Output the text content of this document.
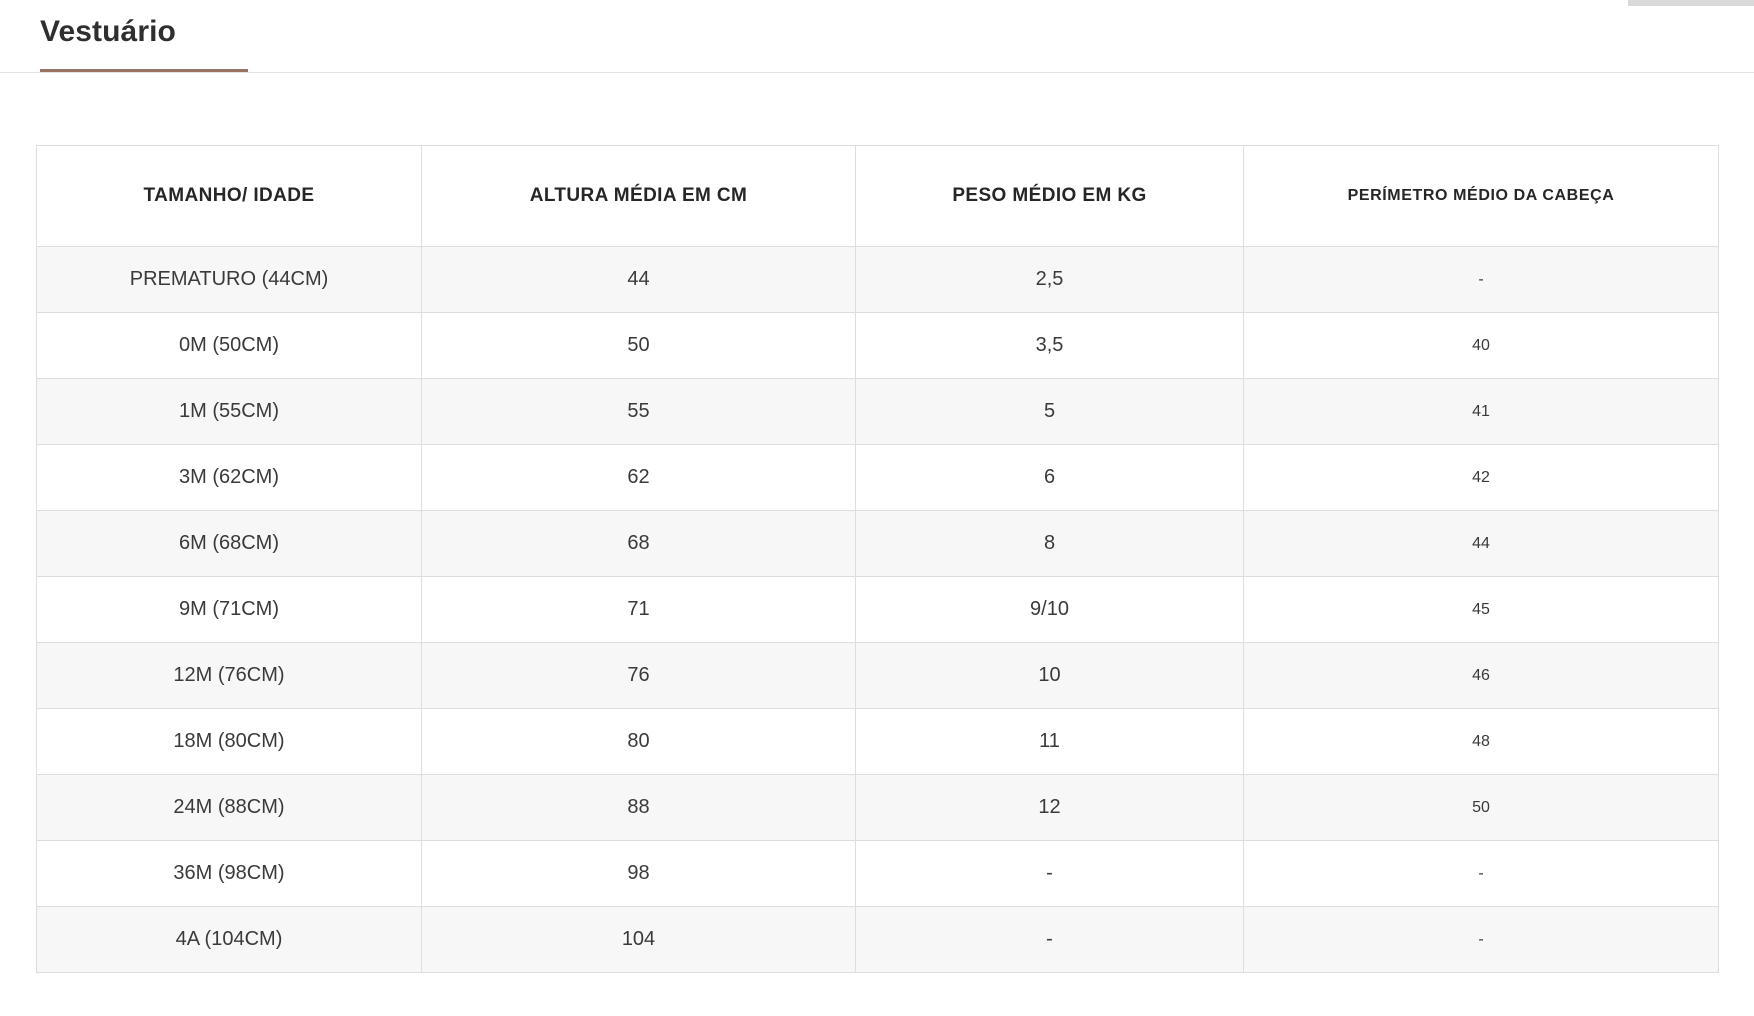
Vestuário
TAMANHO/ IDADE	ALTURA MÉDIA EM CM	PESO MÉDIO EM KG	PERÍMETRO MÉDIO DA CABEÇA
PREMATURO (44CM)	44	2,5	-
0M (50CM)	50	3,5	40
1M (55CM)	55	5	41
3M (62CM)	62	6	42
6M (68CM)	68	8	44
9M (71CM)	71	9/10	45
12M (76CM)	76	10	46
18M (80CM)	80	11	48
24M (88CM)	88	12	50
36M (98CM)	98	-	-
4A (104CM)	104	-	-
